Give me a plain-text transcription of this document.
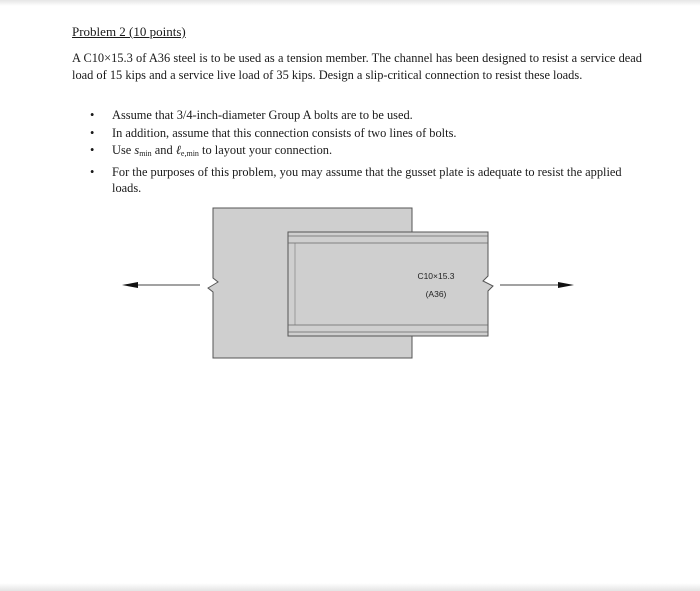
Problem 2 (10 points)

A C10×15.3 of A36 steel is to be used as a tension member. The channel has been designed to resist a service dead load of 15 kips and a service live load of 35 kips. Design a slip-critical connection to resist these loads.

• Assume that 3/4-inch-diameter Group A bolts are to be used.
• In addition, assume that this connection consists of two lines of bolts.
• Use $s_{min}$ and ℓ$_{e,min}$ to layout your connection.
• For the purposes of this problem, you may assume that the gusset plate is adequate to resist the applied loads.
C10×15.3
(A36)
